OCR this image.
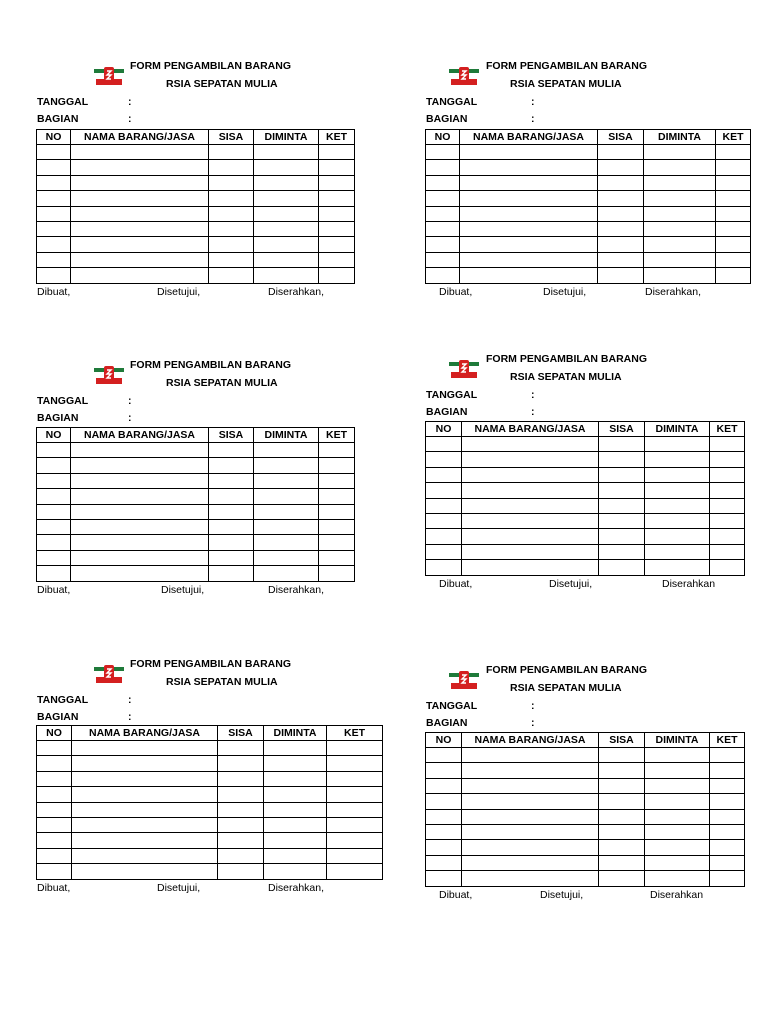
FORM PENGAMBILAN BARANG
RSIA SEPATAN MULIA
TANGGAL	:
BAGIAN	:
NO	NAMA BARANG/JASA	SISA	DIMINTA	KET

Dibuat,	Disetujui,	Diserahkan,
FORM PENGAMBILAN BARANG
RSIA SEPATAN MULIA
TANGGAL	:
BAGIAN	:
NO	NAMA BARANG/JASA	SISA	DIMINTA	KET

Dibuat,	Disetujui,	Diserahkan,
FORM PENGAMBILAN BARANG
RSIA SEPATAN MULIA
TANGGAL	:
BAGIAN	:
NO	NAMA BARANG/JASA	SISA	DIMINTA	KET

Dibuat,	Disetujui,	Diserahkan,
FORM PENGAMBILAN BARANG
RSIA SEPATAN MULIA
TANGGAL	:
BAGIAN	:
NO	NAMA BARANG/JASA	SISA	DIMINTA	KET

Dibuat,	Disetujui,	Diserahkan
FORM PENGAMBILAN BARANG
RSIA SEPATAN MULIA
TANGGAL	:
BAGIAN	:
NO	NAMA BARANG/JASA	SISA	DIMINTA	KET

Dibuat,	Disetujui,	Diserahkan,
FORM PENGAMBILAN BARANG
RSIA SEPATAN MULIA
TANGGAL	:
BAGIAN	:
NO	NAMA BARANG/JASA	SISA	DIMINTA	KET

Dibuat,	Disetujui,	Diserahkan
